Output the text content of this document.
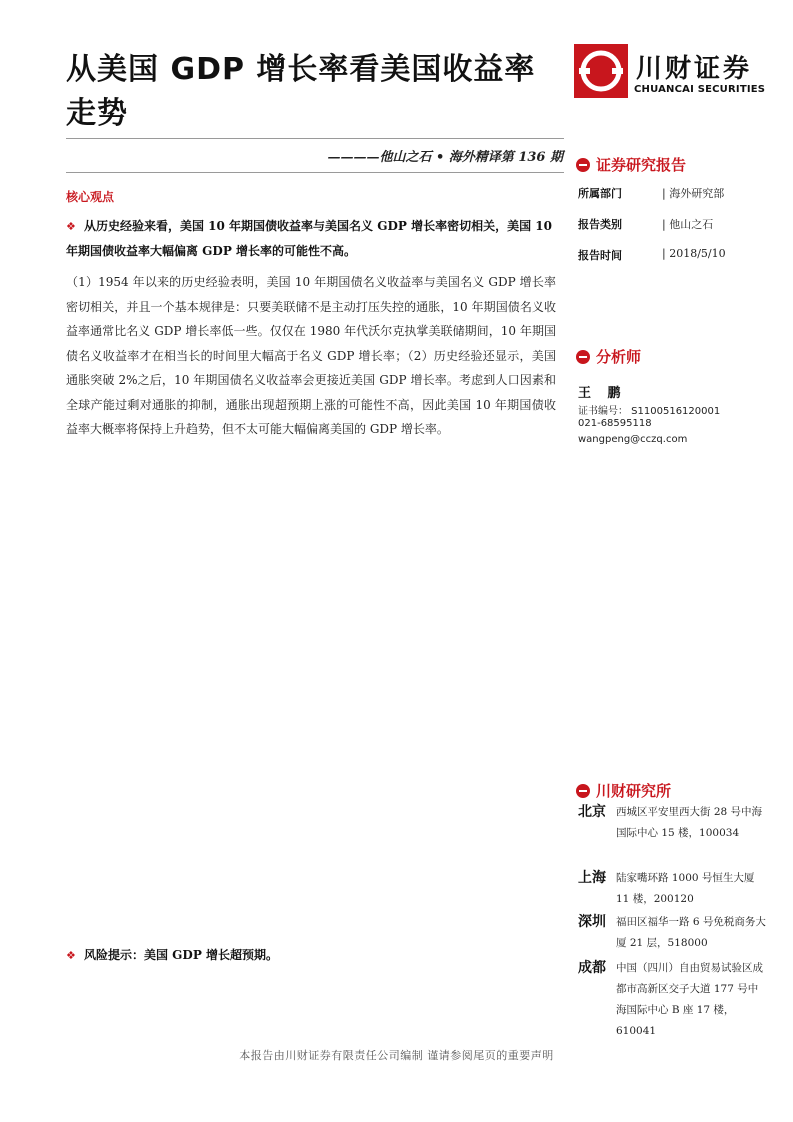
从美国 GDP 增长率看美国收益率走势
川财证券
CHUANCAI SECURITIES
————他山之石 • 海外精译第 136 期 证券研究报告
所属部门	| 海外研究部
报告类别	| 他山之石
报告时间	| 2018/5/10
分析师
王 鹏
证书编号： S1100516120001
021-68595118
wangpeng@cczq.com
核心观点
❖ 从历史经验来看，美国 10 年期国债收益率与美国名义 GDP 增长率密切相关，美国 10 年期国债收益率大幅偏离 GDP 增长率的可能性不高。
（1）1954 年以来的历史经验表明，美国 10 年期国债名义收益率与美国名义 GDP 增长率密切相关，并且一个基本规律是：只要美联储不是主动打压失控的通胀，10 年期国债名义收益率通常比名义 GDP 增长率低一些。仅仅在 1980 年代沃尔克执掌美联储期间，10 年期国债名义收益率才在相当长的时间里大幅高于名义 GDP 增长率；（2）历史经验还显示，美国通胀突破 2%之后，10 年期国债名义收益率会更接近美国 GDP 增长率。考虑到人口因素和全球产能过剩对通胀的抑制，通胀出现超预期上涨的可能性不高，因此美国 10 年期国债收益率大概率将保持上升趋势，但不太可能大幅偏离美国的 GDP 增长率。
❖ 风险提示：美国 GDP 增长超预期。
川财研究所
北京 西城区平安里西大街 28 号中海国际中心 15 楼，100034
上海 陆家嘴环路 1000 号恒生大厦 11 楼，200120
深圳 福田区福华一路 6 号免税商务大厦 21 层，518000
成都 中国（四川）自由贸易试验区成都市高新区交子大道 177 号中海国际中心 B 座 17 楼，610041
本报告由川财证券有限责任公司编制 谨请参阅尾页的重要声明
